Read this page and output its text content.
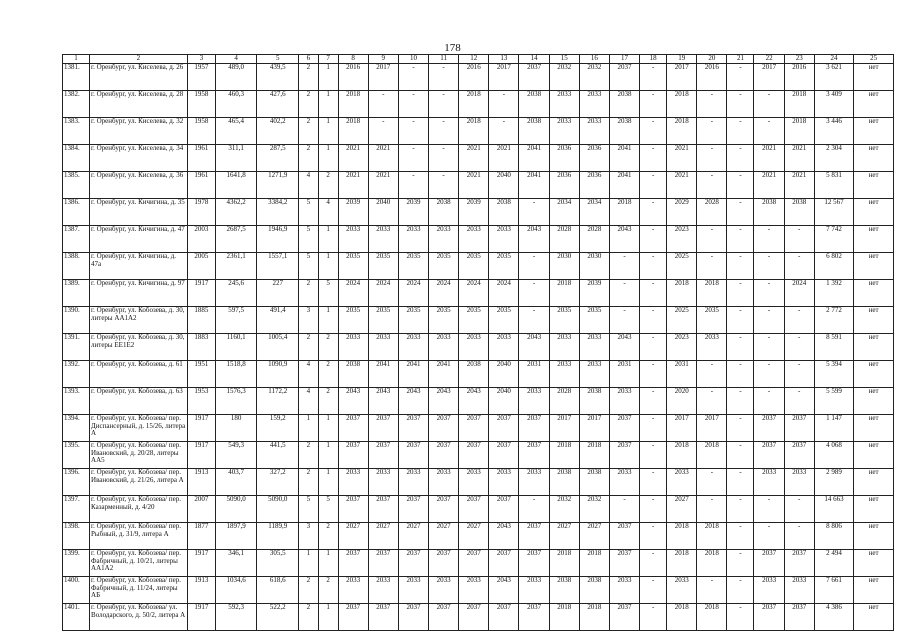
178
1	2	3	4	5	6	7	8	9	10	11	12	13	14	15	16	17	18	19	20	21	22	23	24	25
1381.	г. Оренбург, ул. Киселева, д. 26	1957	489,0	439,5	2	1	2016	2017	-	-	2016	2017	2037	2032	2032	2037	-	2017	2016	-	2017	2016	3 621	нет
1382.	г. Оренбург, ул. Киселева, д. 28	1958	460,3	427,6	2	1	2018	-	-	-	2018	-	2038	2033	2033	2038	-	2018	-	-	-	2018	3 409	нет
1383.	г. Оренбург, ул. Киселева, д. 32	1958	465,4	402,2	2	1	2018	-	-	-	2018	-	2038	2033	2033	2038	-	2018	-	-	-	2018	3 446	нет
1384.	г. Оренбург, ул. Киселева, д. 34	1961	311,1	287,5	2	1	2021	2021	-	-	2021	2021	2041	2036	2036	2041	-	2021	-	-	2021	2021	2 304	нет
1385.	г. Оренбург, ул. Киселева, д. 36	1961	1641,8	1271,9	4	2	2021	2021	-	-	2021	2040	2041	2036	2036	2041	-	2021	-	-	2021	2021	5 831	нет
1386.	г. Оренбург, ул. Кичигина, д. 35	1978	4362,2	3384,2	5	4	2039	2040	2039	2038	2039	2038	-	2034	2034	2018	-	2029	2028	-	2038	2038	12 567	нет
1387.	г. Оренбург, ул. Кичигина, д. 47	2003	2687,5	1946,9	5	1	2033	2033	2033	2033	2033	2033	2043	2028	2028	2043	-	2023	-	-	-	-	7 742	нет
1388.	г. Оренбург, ул. Кичигина, д. 47а	2005	2361,1	1557,1	5	1	2035	2035	2035	2035	2035	2035	-	2030	2030	-	-	2025	-	-	-	-	6 802	нет
1389.	г. Оренбург, ул. Кичигина, д. 97	1917	245,6	227	2	5	2024	2024	2024	2024	2024	2024	-	2018	2039	-	-	2018	2018	-	-	2024	1 392	нет
1390.	г. Оренбург, ул. Кобозева, д. 30, литеры АА1А2	1885	597,5	491,4	3	1	2035	2035	2035	2035	2035	2035	-	2035	2035	-	-	2025	2035	-	-	-	2 772	нет
1391.	г. Оренбург, ул. Кобозева, д. 30, литеры ЕЕ1Е2	1883	1160,1	1005,4	2	2	2033	2033	2033	2033	2033	2033	2043	2033	2033	2043	-	2023	2033	-	-	-	8 591	нет
1392.	г. Оренбург, ул. Кобозева, д. 61	1951	1518,8	1090,9	4	2	2038	2041	2041	2041	2038	2040	2031	2033	2033	2031	-	2031	-	-	-	-	5 394	нет
1393.	г. Оренбург, ул. Кобозева, д. 63	1953	1576,3	1172,2	4	2	2043	2043	2043	2043	2043	2040	2033	2028	2038	2033	-	2020	-	-	-	-	5 599	нет
1394.	г. Оренбург, ул. Кобозева/ пер. Диспансерный, д. 15/26, литера А	1917	180	159,2	1	1	2037	2037	2037	2037	2037	2037	2037	2017	2017	2037	-	2017	2017	-	2037	2037	1 147	нет
1395.	г. Оренбург, ул. Кобозева/ пер. Ивановский, д. 20/28, литеры АА5	1917	549,3	441,5	2	1	2037	2037	2037	2037	2037	2037	2037	2018	2018	2037	-	2018	2018	-	2037	2037	4 068	нет
1396.	г. Оренбург, ул. Кобозева/ пер. Ивановский, д. 21/26, литера А	1913	403,7	327,2	2	1	2033	2033	2033	2033	2033	2033	2033	2038	2038	2033	-	2033	-	-	2033	2033	2 989	нет
1397.	г. Оренбург, ул. Кобозева/ пер. Казарменный, д. 4/20	2007	5090,0	5090,0	5	5	2037	2037	2037	2037	2037	2037	-	2032	2032	-	-	2027	-	-	-	-	14 663	нет
1398.	г. Оренбург, ул. Кобозева/ пер. Рыбный, д. 31/9, литера А	1877	1897,9	1189,9	3	2	2027	2027	2027	2027	2027	2043	2037	2027	2027	2037	-	2018	2018	-	-	-	8 806	нет
1399.	г. Оренбург, ул. Кобозева/ пер. Фабричный, д. 10/21, литеры АА1А2	1917	346,1	305,5	1	1	2037	2037	2037	2037	2037	2037	2037	2018	2018	2037	-	2018	2018	-	2037	2037	2 494	нет
1400.	г. Оренбург, ул. Кобозева/ пер. Фабричный, д. 11/24, литеры АБ	1913	1034,6	618,6	2	2	2033	2033	2033	2033	2033	2043	2033	2038	2038	2033	-	2033	-	-	2033	2033	7 661	нет
1401.	г. Оренбург, ул. Кобозева/ ул. Володарского, д. 50/2, литера А	1917	592,3	522,2	2	1	2037	2037	2037	2037	2037	2037	2037	2018	2018	2037	-	2018	2018	-	2037	2037	4 386	нет
